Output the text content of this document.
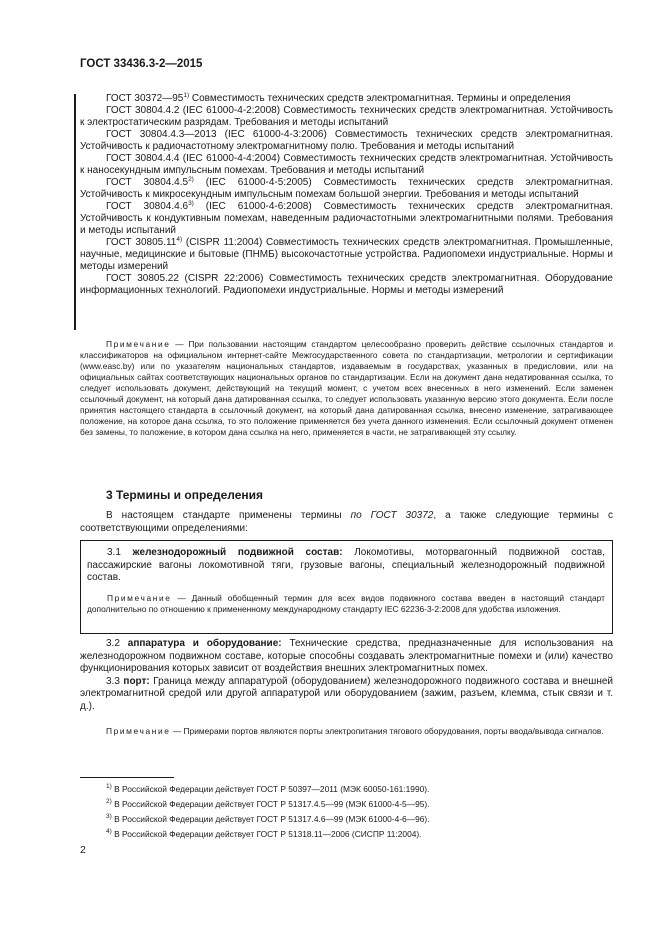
ГОСТ 33436.3-2—2015

ГОСТ 30372—95$^{1)}$ Совместимость технических средств электромагнитная. Термины и определения

ГОСТ 30804.4.2 (IEC 61000-4-2:2008) Совместимость технических средств электромагнитная. Устойчивость к электростатическим разрядам. Требования и методы испытаний

ГОСТ 30804.4.3—2013 (IEC 61000-4-3:2006) Совместимость технических средств электромагнитная. Устойчивость к радиочастотному электромагнитному полю. Требования и методы испытаний

ГОСТ 30804.4.4 (IEC 61000-4-4:2004) Совместимость технических средств электромагнитная. Устойчивость к наносекундным импульсным помехам. Требования и методы испытаний

ГОСТ 30804.4.5$^{2)}$ (IEC 61000-4-5:2005) Совместимость технических средств электромагнитная. Устойчивость к микросекундным импульсным помехам большой энергии. Требования и методы испытаний

ГОСТ 30804.4.6$^{3)}$ (IEC 61000-4-6:2008) Совместимость технических средств электромагнитная. Устойчивость к кондуктивным помехам, наведенным радиочастотными электромагнитными полями. Требования и методы испытаний

ГОСТ 30805.11$^{4)}$ (CISPR 11:2004) Совместимость технических средств электромагнитная. Промышленные, научные, медицинские и бытовые (ПНМБ) высокочастотные устройства. Радиопомехи индустриальные. Нормы и методы измерений

ГОСТ 30805.22 (CISPR 22:2006) Совместимость технических средств электромагнитная. Оборудование информационных технологий. Радиопомехи индустриальные. Нормы и методы измерений

Примечание — При пользовании настоящим стандартом целесообразно проверить действие ссылочных стандартов и классификаторов на официальном интернет-сайте Межгосударственного совета по стандартизации, метрологии и сертификации (www.easc.by) или по указателям национальных стандартов, издаваемым в государствах, указанных в предисловии, или на официальных сайтах соответствующих национальных органов по стандартизации. Если на документ дана недатированная ссылка, то следует использовать документ, действующий на текущий момент, с учетом всех внесенных в него изменений. Если заменен ссылочный документ, на который дана датированная ссылка, то следует использовать указанную версию этого документа. Если после принятия настоящего стандарта в ссылочный документ, на который дана датированная ссылка, внесено изменение, затрагивающее положение, на которое дана ссылка, то это положение применяется без учета данного изменения. Если ссылочный документ отменен без замены, то положение, в котором дана ссылка на него, применяется в части, не затрагивающей эту ссылку.

3 Термины и определения

В настоящем стандарте применены термины по ГОСТ 30372, а также следующие термины с соответствующими определениями:

3.1 железнодорожный подвижной состав: Локомотивы, моторвагонный подвижной состав, пассажирские вагоны локомотивной тяги, грузовые вагоны, специальный железнодорожный подвижной состав.

Примечание — Данный обобщенный термин для всех видов подвижного состава введен в настоящий стандарт дополнительно по отношению к примененному международному стандарту IEC 62236-3-2:2008 для удобства изложения.

3.2 аппаратура и оборудование: Технические средства, предназначенные для использования на железнодорожном подвижном составе, которые способны создавать электромагнитные помехи и (или) качество функционирования которых зависит от воздействия внешних электромагнитных помех.

3.3 порт: Граница между аппаратурой (оборудованием) железнодорожного подвижного состава и внешней электромагнитной средой или другой аппаратурой или оборудованием (зажим, разъем, клемма, стык связи и т. д.).

Примечание — Примерами портов являются порты электропитания тягового оборудования, порты ввода/вывода сигналов.

$^{1)}$ В Российской Федерации действует ГОСТ Р 50397—2011 (МЭК 60050-161:1990).
$^{2)}$ В Российской Федерации действует ГОСТ Р 51317.4.5—99 (МЭК 61000-4-5—95).
$^{3)}$ В Российской Федерации действует ГОСТ Р 51317.4.6—99 (МЭК 61000-4-6—96).
$^{4)}$ В Российской Федерации действует ГОСТ Р 51318.11—2006 (СИСПР 11:2004).
2
